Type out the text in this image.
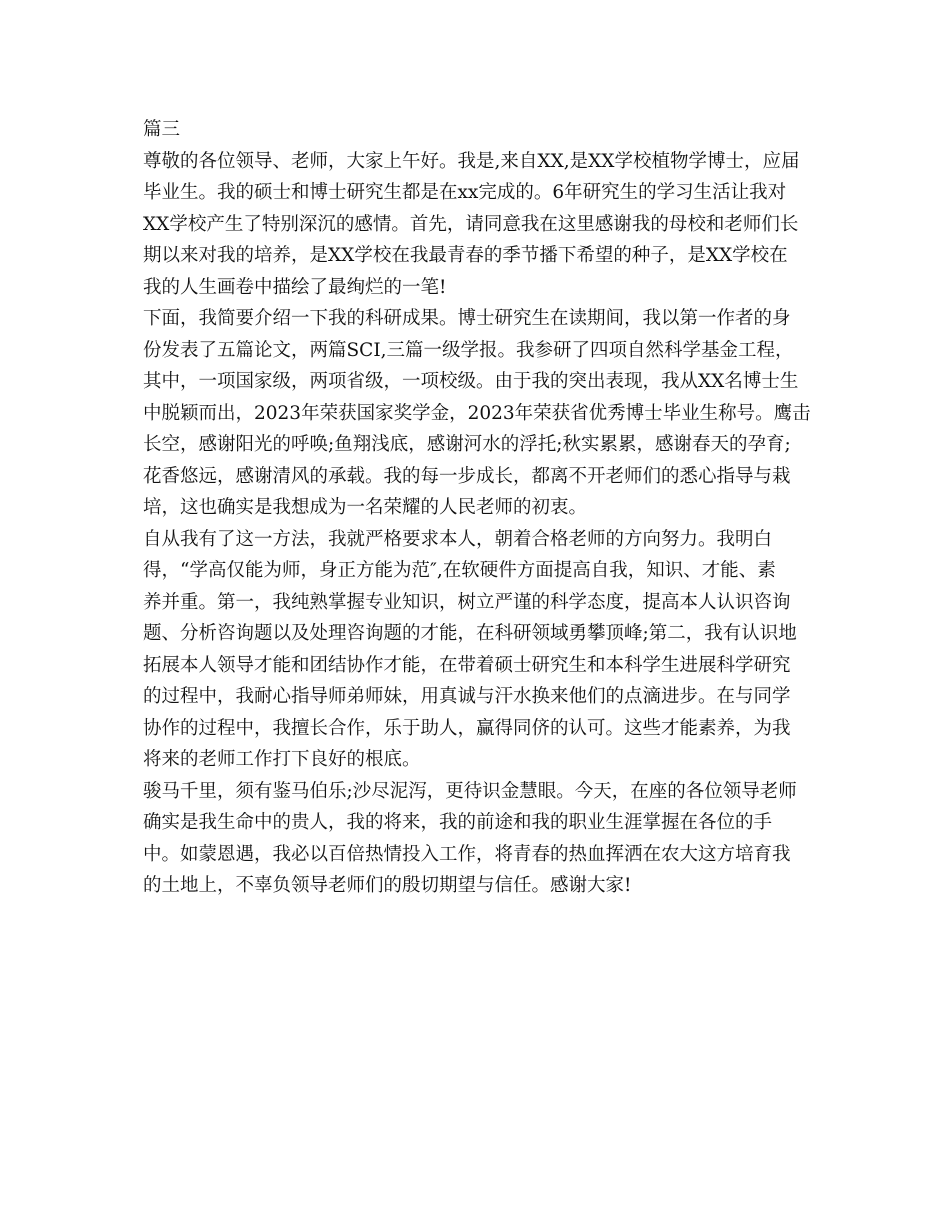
篇三
尊敬的各位领导、老师，大家上午好。我是,来自XX,是XX学校植物学博士，应届
毕业生。我的硕士和博士研究生都是在xx完成的。6年研究生的学习生活让我对
XX学校产生了特别深沉的感情。首先，请同意我在这里感谢我的母校和老师们长
期以来对我的培养，是XX学校在我最青春的季节播下希望的种子，是XX学校在
我的人生画卷中描绘了最绚烂的一笔!
下面，我简要介绍一下我的科研成果。博士研究生在读期间，我以第一作者的身
份发表了五篇论文，两篇SCI,三篇一级学报。我参研了四项自然科学基金工程，
其中，一项国家级，两项省级，一项校级。由于我的突出表现，我从XX名博士生
中脱颖而出，2023年荣获国家奖学金，2023年荣获省优秀博士毕业生称号。鹰击
长空，感谢阳光的呼唤;鱼翔浅底，感谢河水的浮托;秋实累累，感谢春天的孕育;
花香悠远，感谢清风的承载。我的每一步成长，都离不开老师们的悉心指导与栽
培，这也确实是我想成为一名荣耀的人民老师的初衷。
自从我有了这一方法，我就严格要求本人，朝着合格老师的方向努力。我明白
得，“学高仅能为师，身正方能为范″,在软硬件方面提高自我，知识、才能、素
养并重。第一，我纯熟掌握专业知识，树立严谨的科学态度，提高本人认识咨询
题、分析咨询题以及处理咨询题的才能，在科研领域勇攀顶峰;第二，我有认识地
拓展本人领导才能和团结协作才能，在带着硕士研究生和本科学生进展科学研究
的过程中，我耐心指导师弟师妹，用真诚与汗水换来他们的点滴进步。在与同学
协作的过程中，我擅长合作，乐于助人，赢得同侪的认可。这些才能素养，为我
将来的老师工作打下良好的根底。
骏马千里，须有鉴马伯乐;沙尽泥泻，更待识金慧眼。今天，在座的各位领导老师
确实是我生命中的贵人，我的将来，我的前途和我的职业生涯掌握在各位的手
中。如蒙恩遇，我必以百倍热情投入工作，将青春的热血挥洒在农大这方培育我
的土地上，不辜负领导老师们的殷切期望与信任。感谢大家!
